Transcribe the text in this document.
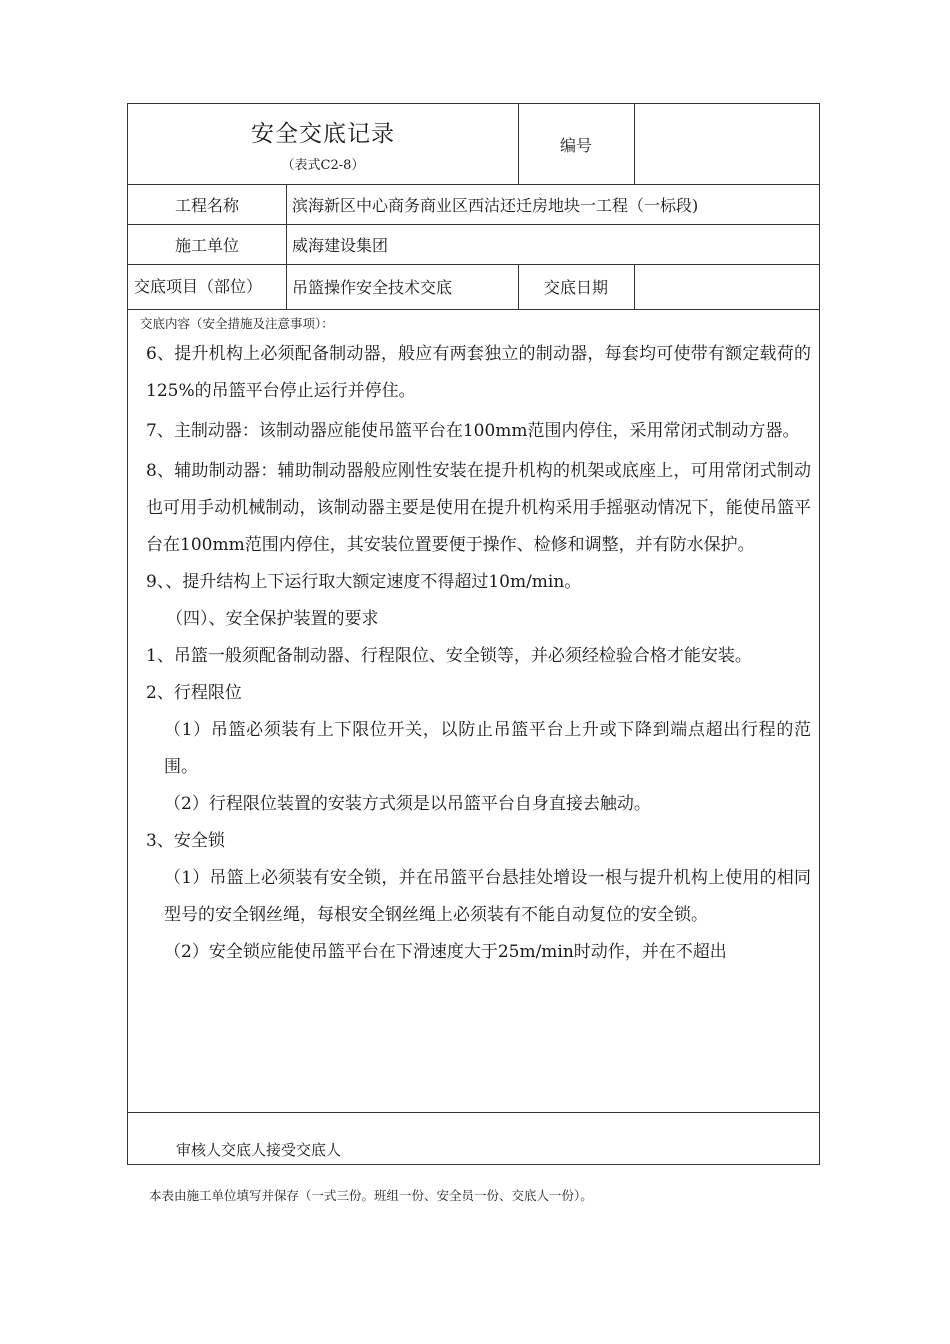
安全交底记录
（表式C2-8）
编号
工程名称	滨海新区中心商务商业区西沽还迁房地块一工程（一标段)
施工单位	威海建设集团
交底项目（部位）	吊篮操作安全技术交底	交底日期
交底内容（安全措施及注意事项）：

6、提升机构上必须配备制动器，般应有两套独立的制动器，每套均可使带有额定载荷的125%的吊篮平台停止运行并停住。

7、主制动器：该制动器应能使吊篮平台在100mm范围内停住，采用常闭式制动方器。

8、辅助制动器：辅助制动器般应刚性安装在提升机构的机架或底座上，可用常闭式制动也可用手动机械制动，该制动器主要是使用在提升机构采用手摇驱动情况下，能使吊篮平台在100mm范围内停住，其安装位置要便于操作、检修和调整，并有防水保护。

9、、提升结构上下运行取大额定速度不得超过10m/min。

（四）、安全保护装置的要求

1、吊篮一般须配备制动器、行程限位、安全锁等，并必须经检验合格才能安装。

2、行程限位

（1）吊篮必须装有上下限位开关，以防止吊篮平台上升或下降到端点超出行程的范围。

（2）行程限位装置的安装方式须是以吊篮平台自身直接去触动。

3、安全锁

（1）吊篮上必须装有安全锁，并在吊篮平台悬挂处增设一根与提升机构上使用的相同型号的安全钢丝绳，每根安全钢丝绳上必须装有不能自动复位的安全锁。

（2）安全锁应能使吊篮平台在下滑速度大于25m/min时动作，并在不超出

审核人交底人接受交底人
本表由施工单位填写并保存（一式三份。班组一份、安全员一份、交底人一份）。
